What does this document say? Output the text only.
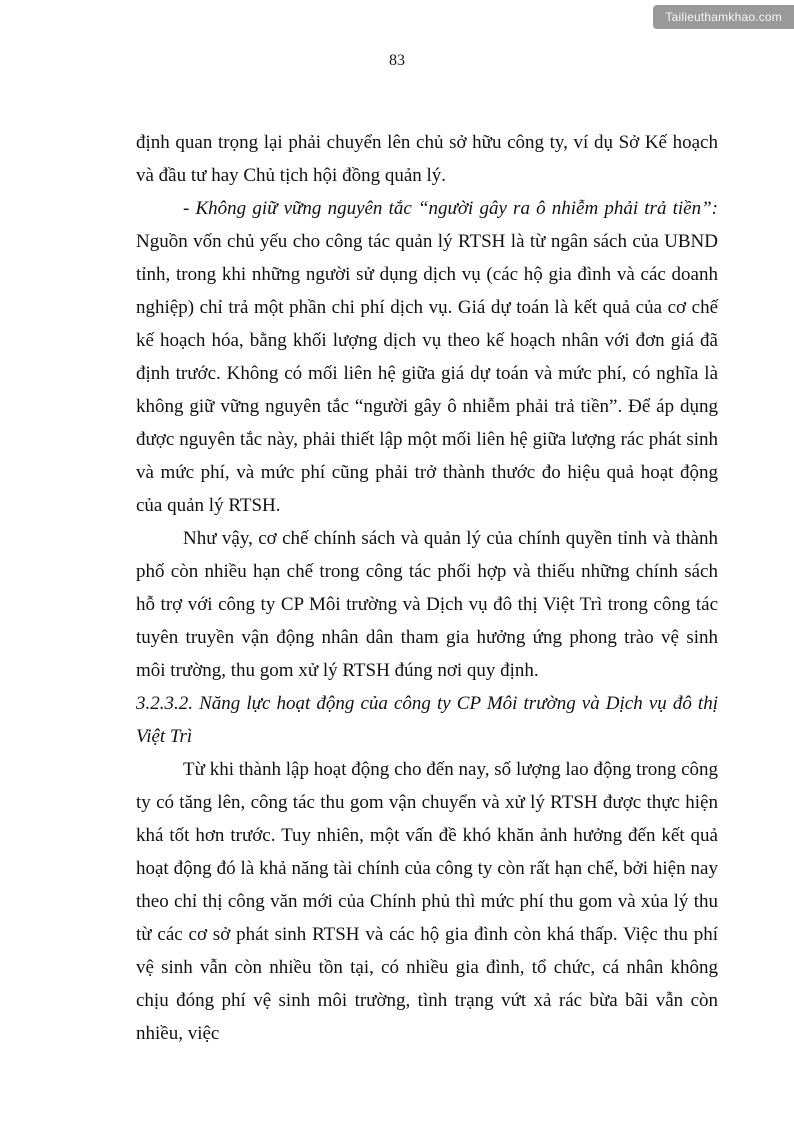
Tailieuthamkhao.com
83

định quan trọng lại phải chuyển lên chủ sở hữu công ty, ví dụ Sở Kế hoạch và đầu tư hay Chủ tịch hội đồng quản lý.

- Không giữ vững nguyên tắc “người gây ra ô nhiễm phải trả tiền”: Nguồn vốn chủ yếu cho công tác quản lý RTSH là từ ngân sách của UBND tỉnh, trong khi những người sử dụng dịch vụ (các hộ gia đình và các doanh nghiệp) chỉ trả một phần chi phí dịch vụ. Giá dự toán là kết quả của cơ chế kế hoạch hóa, bằng khối lượng dịch vụ theo kế hoạch nhân với đơn giá đã định trước. Không có mối liên hệ giữa giá dự toán và mức phí, có nghĩa là không giữ vững nguyên tắc “người gây ô nhiễm phải trả tiền”. Để áp dụng được nguyên tắc này, phải thiết lập một mối liên hệ giữa lượng rác phát sinh và mức phí, và mức phí cũng phải trở thành thước đo hiệu quả hoạt động của quản lý RTSH.

Như vậy, cơ chế chính sách và quản lý của chính quyền tỉnh và thành phố còn nhiều hạn chế trong công tác phối hợp và thiếu những chính sách hỗ trợ với công ty CP Môi trường và Dịch vụ đô thị Việt Trì trong công tác tuyên truyền vận động nhân dân tham gia hưởng ứng phong trào vệ sinh môi trường, thu gom xử lý RTSH đúng nơi quy định.

3.2.3.2. Năng lực hoạt động của công ty CP Môi trường và Dịch vụ đô thị Việt Trì

Từ khi thành lập hoạt động cho đến nay, số lượng lao động trong công ty có tăng lên, công tác thu gom vận chuyển và xử lý RTSH được thực hiện khá tốt hơn trước. Tuy nhiên, một vấn đề khó khăn ảnh hưởng đến kết quả hoạt động đó là khả năng tài chính của công ty còn rất hạn chế, bởi hiện nay theo chỉ thị công văn mới của Chính phủ thì mức phí thu gom và xủa lý thu từ các cơ sở phát sinh RTSH và các hộ gia đình còn khá thấp. Việc thu phí vệ sinh vẫn còn nhiều tồn tại, có nhiều gia đình, tổ chức, cá nhân không chịu đóng phí vệ sinh môi trường, tình trạng vứt xả rác bừa bãi vẫn còn nhiều, việc
